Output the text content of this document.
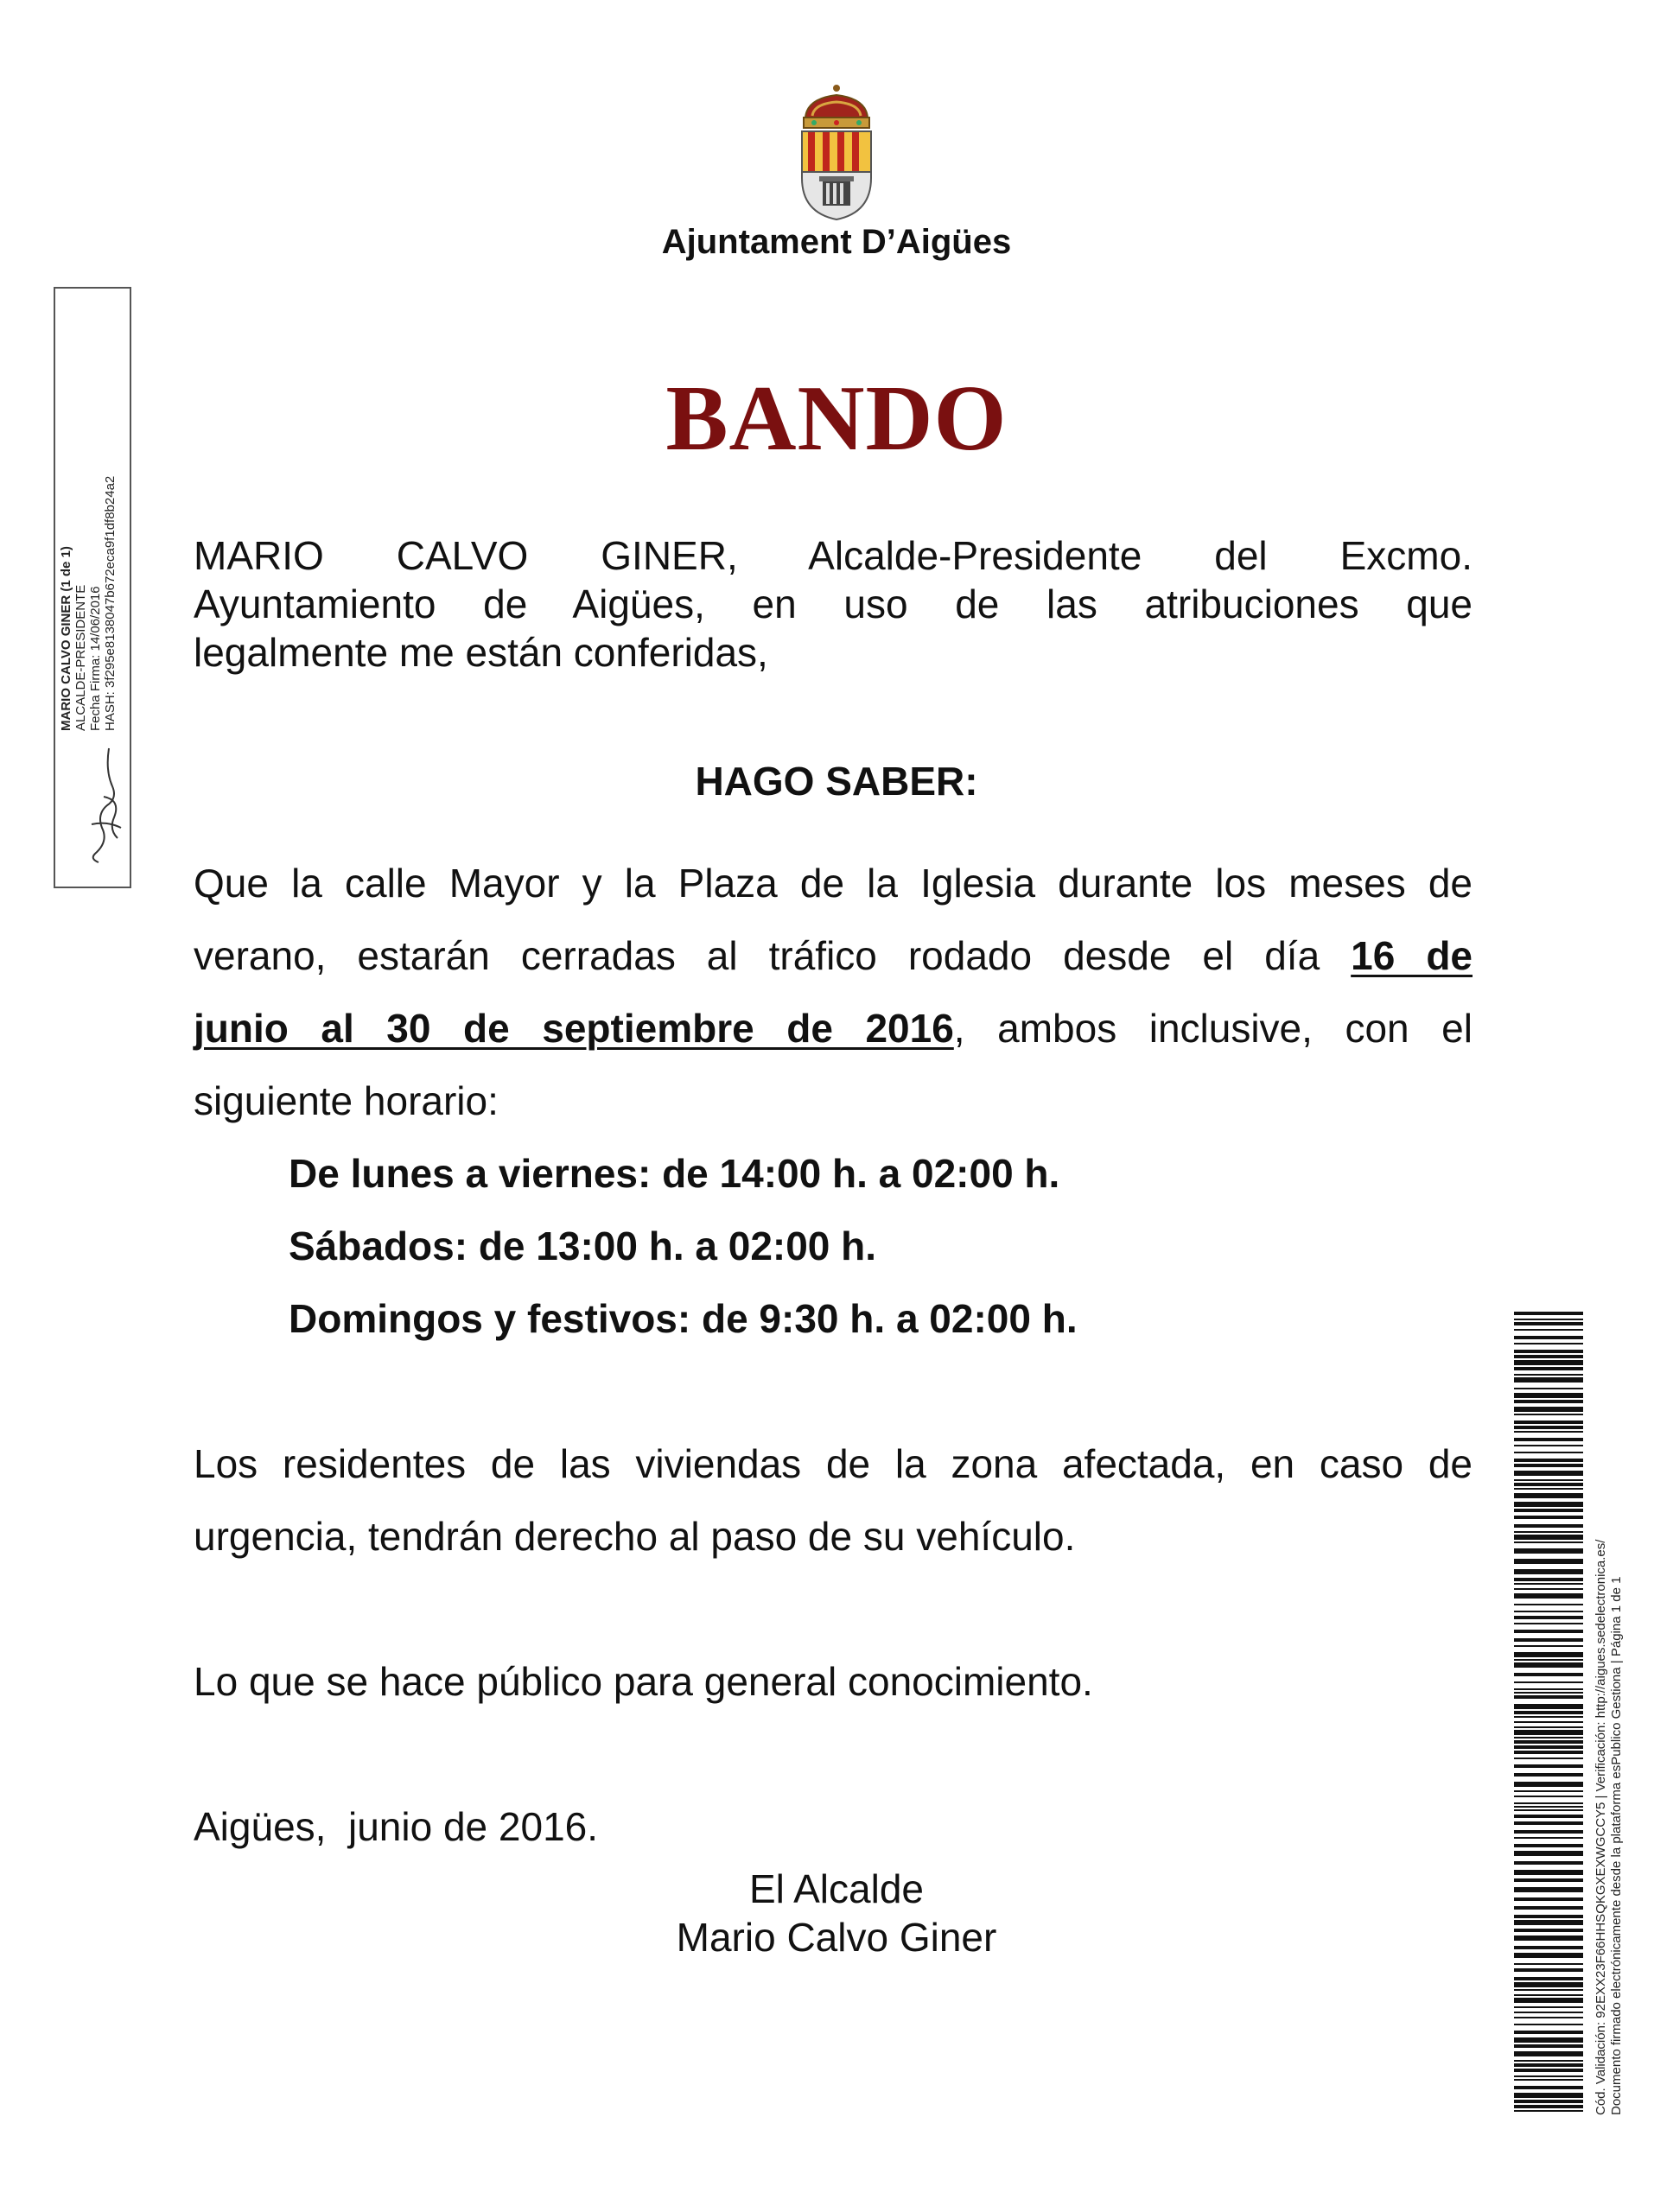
Ajuntament D’Aigües
BANDO

MARIO CALVO GINER, Alcalde-Presidente del Excmo.

Ayuntamiento de Aigües, en uso de las atribuciones que

legalmente me están conferidas,

HAGO SABER:

Que la calle Mayor y la Plaza de la Iglesia durante los meses de

verano, estarán cerradas al tráfico rodado desde el día 16 de

junio al 30 de septiembre de 2016, ambos inclusive, con el

siguiente horario:

De lunes a viernes: de 14:00 h. a 02:00 h.
Sábados: de 13:00 h. a 02:00 h.
Domingos y festivos: de 9:30 h. a 02:00 h.

Los residentes de las viviendas de la zona afectada, en caso de

urgencia, tendrán derecho al paso de su vehículo.

Lo que se hace público para general conocimiento.
Aigües,  junio de 2016.
El Alcalde
Mario Calvo Giner
MARIO CALVO GINER (1 de 1) ALCALDE-PRESIDENTE Fecha Firma: 14/06/2016 HASH: 3f295e8138047b672eca9f1df8b24a2
Cód. Validación: 92EXX23F66HHSQKGXEXWGCCY5 | Verificación: http://aigues.sedelectronica.es/ Documento firmado electrónicamente desde la plataforma esPublico Gestiona | Página 1 de 1
